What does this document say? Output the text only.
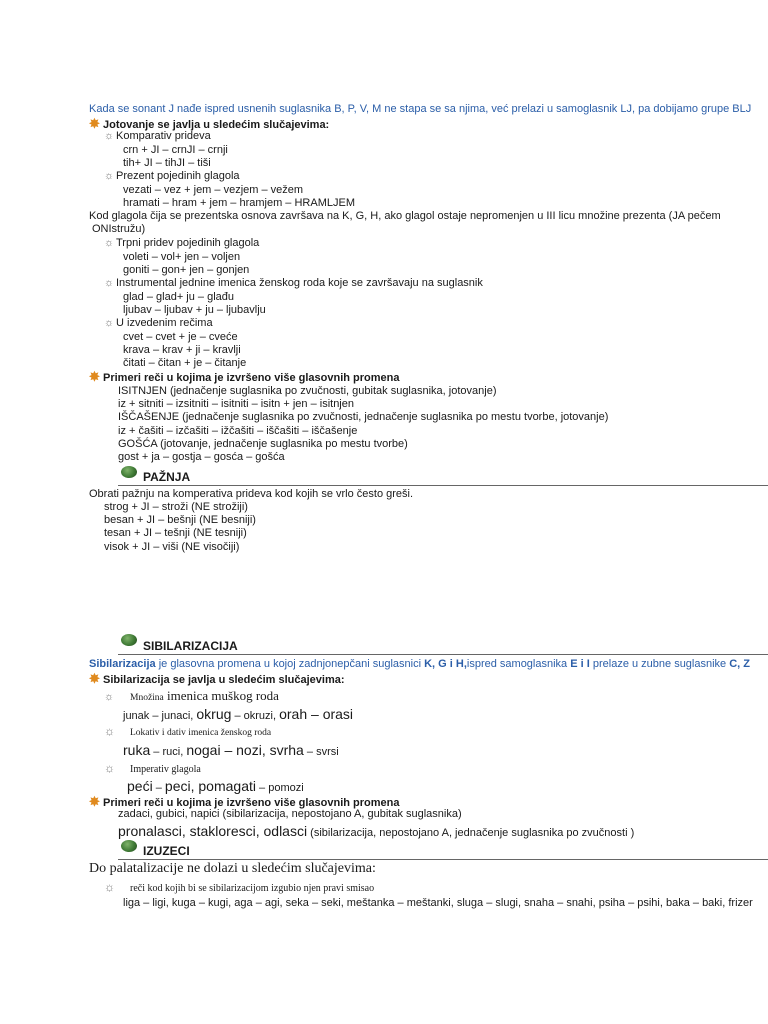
Kada se sonant J nađe ispred usnenih suglasnika B, P, V, M ne stapa se sa njima, već prelazi u samoglasnik LJ, pa dobijamo grupe BLJ
✸ Jotovanje se javlja u sledećim slučajevima:
☼ Komparativ prideva
crn + JI – crnJI – crnji
tih+ JI – tihJI – tiši
☼ Prezent pojedinih glagola
vezati – vez + jem – vezjem – vežem
hramati – hram + jem – hramjem – HRAMLJEM
Kod glagola čija se prezentska osnova završava na K, G, H, ako glagol ostaje nepromenjen u III licu množine prezenta (JA pečem
ONIstružu)
☼ Trpni pridev pojedinih glagola
voleti – vol+ jen – voljen
goniti – gon+ jen – gonjen
☼ Instrumental jednine imenica ženskog roda koje se završavaju na suglasnik
glad – glad+ ju – glađu
ljubav – ljubav + ju – ljubavlju
☼ U izvedenim rečima
cvet – cvet + je – cveće
krava – krav + ji – kravlji
čitati – čitan + je – čitanje
✸ Primeri reči u kojima je izvršeno više glasovnih promena
ISITNJEN (jednačenje suglasnika po zvučnosti, gubitak suglasnika, jotovanje)
iz + sitniti – izsitniti – isitniti – isitn + jen – isitnjen
IŠČAŠENJE (jednačenje suglasnika po zvučnosti, jednačenje suglasnika po mestu tvorbe, jotovanje)
iz + čašiti – izčašiti – ižčašiti – iščašiti – iščašenje
GOŠĆA (jotovanje, jednačenje suglasnika po mestu tvorbe)
gost + ja – gostja – gosća – gošća
PAŽNJA
Obrati pažnju na komperativa prideva kod kojih se vrlo često greši.
strog + JI – stroži (NE strožiji)
besan + JI – bešnji (NE besniji)
tesan + JI – tešnji (NE tesniji)
visok + JI – viši (NE visočiji)
SIBILARIZACIJA
Sibilarizacija je glasovna promena u kojoj zadnjonepčani suglasnici K, G i H,ispred samoglasnika E i I prelaze u zubne suglasnike C, Z
✸ Sibilarizacija se javlja u sledećim slučajevima:
☼ Množina imenica muškog roda
junak – junaci, okrug – okruzi, orah – orasi
☼ Lokativ i dativ imenica ženskog roda
ruka – ruci, nogai – nozi, svrha – svrsi
☼ Imperativ glagola
peći – peci, pomagati – pomozi
✸ Primeri reči u kojima je izvršeno više glasovnih promena
zadaci, gubici, napici (sibilarizacija, nepostojano A, gubitak suglasnika)
pronalasci, stakloresci, odlasci (sibilarizacija, nepostojano A, jednačenje suglasnika po zvučnosti )
IZUZECI
Do palatalizacije ne dolazi u sledećim slučajevima:
☼ reči kod kojih bi se sibilarizacijom izgubio njen pravi smisao
liga – ligi, kuga – kugi, aga – agi, seka – seki, meštanka – meštanki, sluga – slugi, snaha – snahi, psiha – psihi, baka – baki, frizer
